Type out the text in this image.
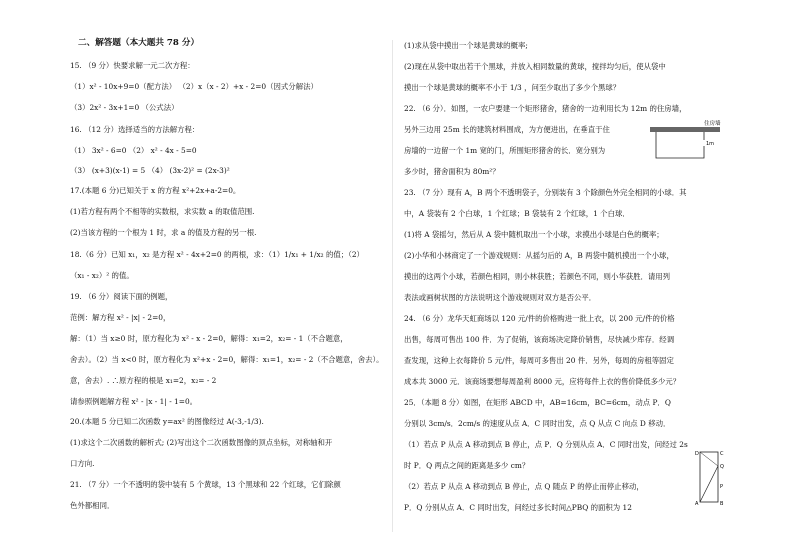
二、解答题（本大题共 78 分）
15. （9 分）快要求解一元二次方程：
（1）x² - 10x+9=0（配方法） （2）x（x - 2）+x - 2=0（因式分解法）
（3）2x² - 3x+1=0 （公式法）
16. （12 分）选择适当的方法解方程：
（1） 3x² - 6=0 （2） x² - 4x - 5=0
（3） (x+3)(x-1) = 5 （4） (3x-2)² = (2x-3)²
17.(本题 6 分)已知关于 x 的方程 x²+2x+a-2=0。
(1)若方程有两个不相等的实数根，求实数 a 的取值范围.
(2)当该方程的一个根为 1 时，求 a 的值及方程的另一根.
18.（6 分）已知 x₁，x₂ 是方程 x² - 4x+2=0 的两根，求：（1）1/x₁ + 1/x₂ 的值；（2）
（x₁ - x₂）² 的值。
19. （6 分）阅读下面的例题，
范例：解方程 x² - |x| - 2=0，
解：（1）当 x≥0 时，原方程化为 x² - x - 2=0，解得：x₁=2，x₂= - 1（不合题意，
舍去）。（2）当 x<0 时，原方程化为 x²+x - 2=0，解得：x₁=1，x₂= - 2（不合题意，舍去）。
意，舍去）. ∴原方程的根是 x₁=2，x₂= - 2
请参照例题解方程 x² - |x - 1| - 1=0。
20.(本题 5 分已知二次函数 y=ax² 的图像经过 A(-3,-1/3).
(1)求这个二次函数的解析式; (2)写出这个二次函数图像的顶点坐标，对称轴和开
口方向.
21. （7 分）一个不透明的袋中装有 5 个黄球，13 个黑球和 22 个红球，它们除颜
色外都相同．
(1)求从袋中摸出一个球是黄球的概率;
(2)现在从袋中取出若干个黑球，并放入相同数量的黄球，搅拌均匀后，使从袋中
摸出一个球是黄球的概率不小于 1/3 ，问至少取出了多少个黑球？
22. （6 分）．如图，一农户要建一个矩形猪舍，猪舍的一边利用长为 12m 的住房墙，
另外三边用 25m 长的建筑材料围成，为方便进出，在垂直于住
房墙的一边留一个 1m 宽的门，所围矩形猪舍的长．宽分别为
多少时，猪舍面积为 80m²？
23. （7 分）现有 A，B 两个不透明袋子，分别装有 3 个除颜色外完全相同的小球．其
中，A 袋装有 2 个白球，1 个红球；B 袋装有 2 个红球，1 个白球．
(1)将 A 袋摇匀，然后从 A 袋中随机取出一个小球，求摸出小球是白色的概率；
(2)小华和小林商定了一个游戏规则：从摇匀后的 A，B 两袋中随机摸出一个小球，
摸出的这两个小球，若颜色相同，则小林获胜；若颜色不同，则小华获胜．请用列
表法或画树状图的方法说明这个游戏规则对双方是否公平．
24. （6 分）龙华天虹商场以 120 元/件的价格购进一批上衣，以 200 元/件的价格
出售，每周可售出 100 件．为了促销，该商场决定降价销售，尽快减少库存．经调
查发现，这种上衣每降价 5 元/件，每周可多售出 20 件．另外，每周的房租等固定
成本共 3000 元．该商场要想每周盈利 8000 元，应将每件上衣的售价降低多少元？
25．（本题 8 分）如图，在矩形 ABCD 中，AB=16cm，BC=6cm，动点 P．Q
分别以 3cm/s．2cm/s 的速度从点 A．C 同时出发，点 Q 从点 C 向点 D 移动．
（1）若点 P 从点 A 移动到点 B 停止，点 P．Q 分别从点 A．C 同时出发，问经过 2s
时 P．Q 两点之间的距离是多少 cm？
（2）若点 P 从点 A 移动到点 B 停止，点 Q 随点 P 的停止而停止移动，
P．Q 分别从点 A．C 同时出发，问经过多长时间△PBQ 的面积为 12
住房墙
1m
D	C
Q
A	B
P
